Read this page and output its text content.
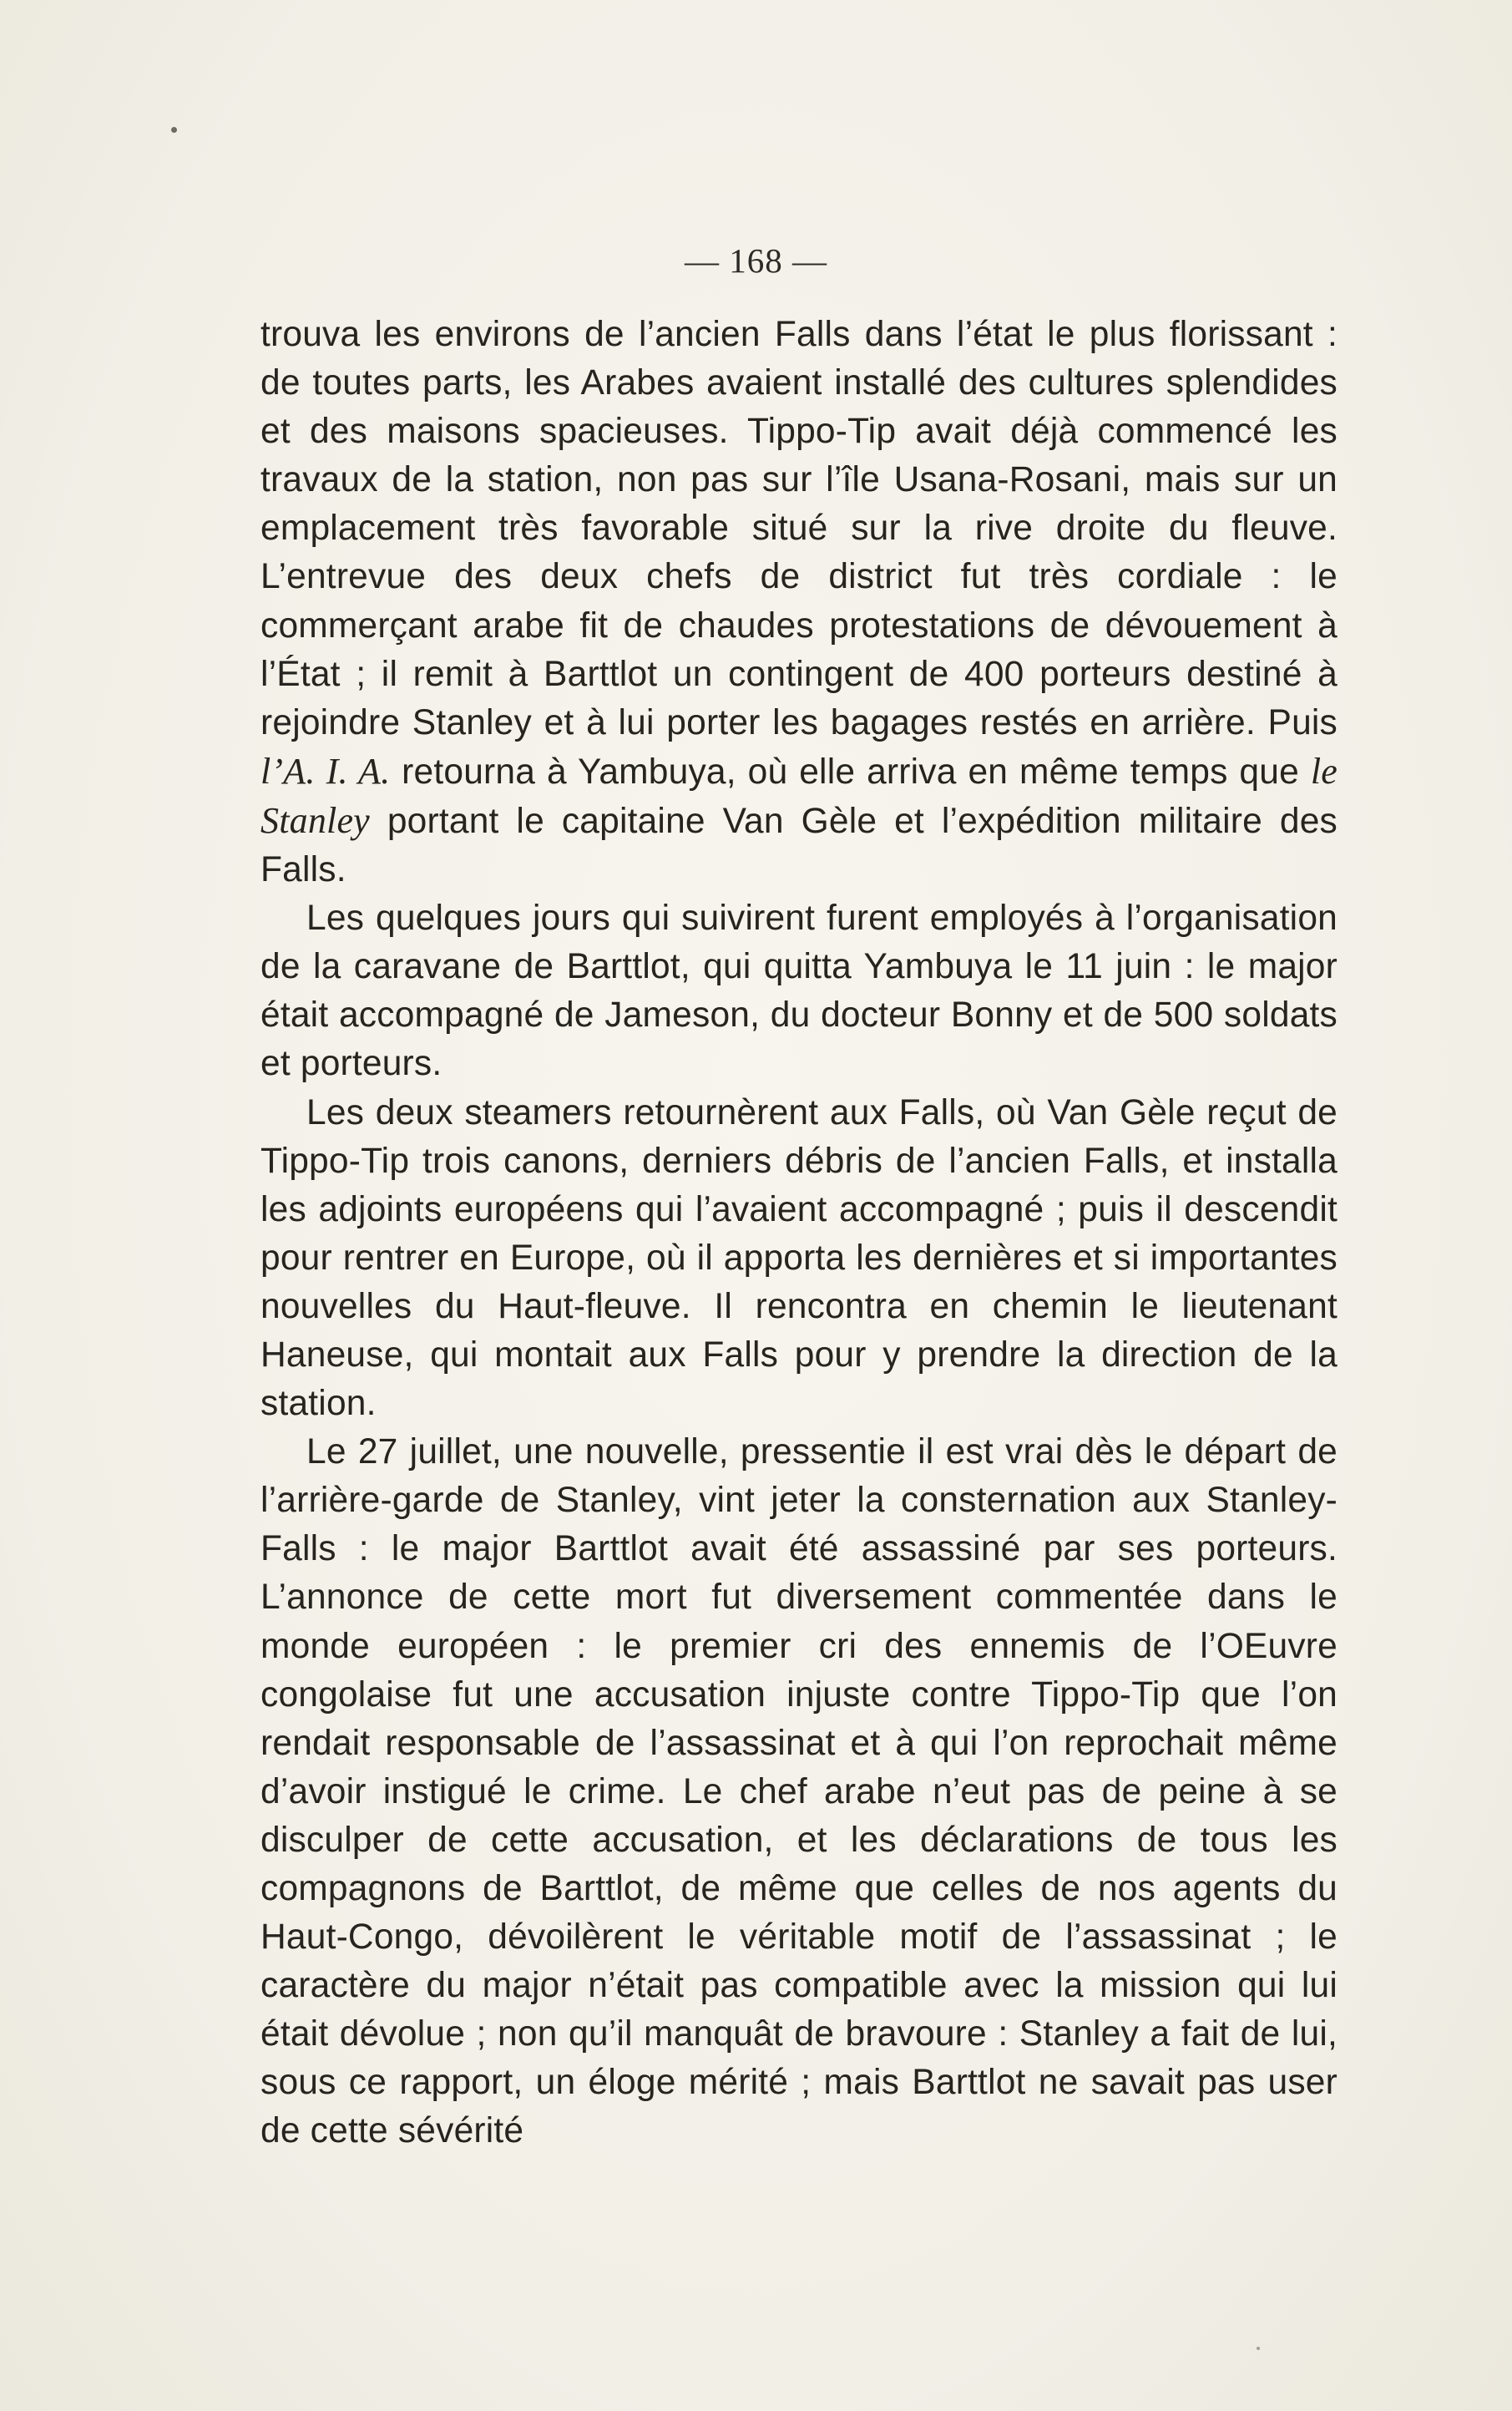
— 168 —

trouva les environs de l’ancien Falls dans l’état le plus florissant : de toutes parts, les Arabes avaient installé des cultures splendides et des maisons spacieuses. Tippo-Tip avait déjà commencé les travaux de la station, non pas sur l’île Usana-Rosani, mais sur un emplacement très favorable situé sur la rive droite du fleuve. L’entrevue des deux chefs de district fut très cordiale : le commerçant arabe fit de chaudes protestations de dévouement à l’État ; il remit à Barttlot un contingent de 400 porteurs destiné à rejoindre Stanley et à lui porter les bagages restés en arrière. Puis l’A. I. A. retourna à Yambuya, où elle arriva en même temps que le Stanley portant le capitaine Van Gèle et l’expédition militaire des Falls.

Les quelques jours qui suivirent furent employés à l’organisation de la caravane de Barttlot, qui quitta Yambuya le 11 juin : le major était accompagné de Jameson, du docteur Bonny et de 500 soldats et porteurs.

Les deux steamers retournèrent aux Falls, où Van Gèle reçut de Tippo-Tip trois canons, derniers débris de l’ancien Falls, et installa les adjoints européens qui l’avaient accompagné ; puis il descendit pour rentrer en Europe, où il apporta les dernières et si importantes nouvelles du Haut-fleuve. Il rencontra en chemin le lieutenant Haneuse, qui montait aux Falls pour y prendre la direction de la station.

Le 27 juillet, une nouvelle, pressentie il est vrai dès le départ de l’arrière-garde de Stanley, vint jeter la consternation aux Stanley-Falls : le major Barttlot avait été assassiné par ses porteurs. L’annonce de cette mort fut diversement commentée dans le monde européen : le premier cri des ennemis de l’OEuvre congolaise fut une accusation injuste contre Tippo-Tip que l’on rendait responsable de l’assassinat et à qui l’on reprochait même d’avoir instigué le crime. Le chef arabe n’eut pas de peine à se disculper de cette accusation, et les déclarations de tous les compagnons de Barttlot, de même que celles de nos agents du Haut-Congo, dévoilèrent le véritable motif de l’assassinat ; le caractère du major n’était pas compatible avec la mission qui lui était dévolue ; non qu’il manquât de bravoure : Stanley a fait de lui, sous ce rapport, un éloge mérité ; mais Barttlot ne savait pas user de cette sévérité
